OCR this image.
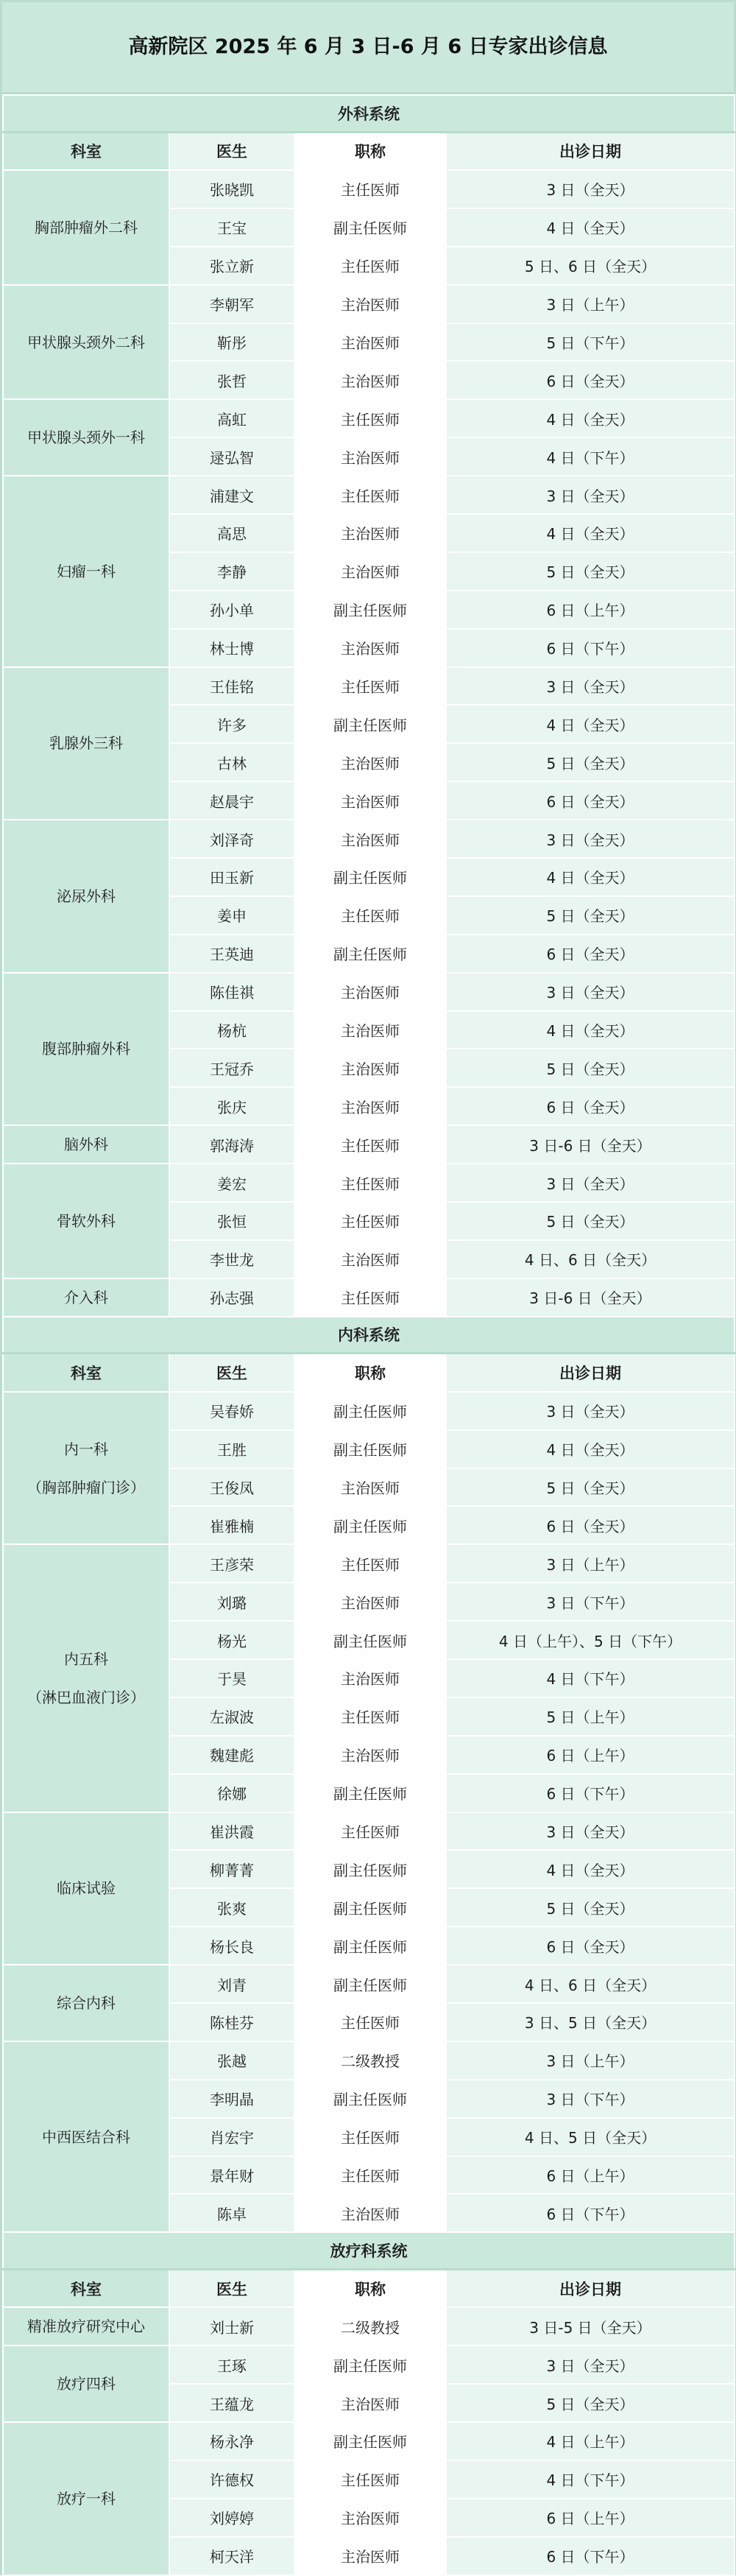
高新院区 2025 年 6 月 3 日-6 月 6 日专家出诊信息
外科系统			
科室	医生	职称	出诊日期

胸部肿瘤外二科	张晓凯	主任医师	3 日（全天）
	王宝	副主任医师	4 日（全天）
	张立新	主任医师	5 日、6 日（全天）

甲状腺头颈外二科	李朝军	主治医师	3 日（上午）
	靳彤	主治医师	5 日（下午）
	张哲	主治医师	6 日（全天）

甲状腺头颈外一科	高虹	主任医师	4 日（全天）
	逯弘智	主治医师	4 日（下午）

妇瘤一科	浦建文	主任医师	3 日（全天）
	高思	主治医师	4 日（全天）
	李静	主治医师	5 日（全天）
	孙小单	副主任医师	6 日（上午）
	林士博	主治医师	6 日（下午）

乳腺外三科	王佳铭	主任医师	3 日（全天）
	许多	副主任医师	4 日（全天）
	古林	主治医师	5 日（全天）
	赵晨宇	主治医师	6 日（全天）

泌尿外科	刘泽奇	主治医师	3 日（全天）
	田玉新	副主任医师	4 日（全天）
	姜申	主任医师	5 日（全天）
	王英迪	副主任医师	6 日（全天）

腹部肿瘤外科	陈佳祺	主治医师	3 日（全天）
	杨杭	主治医师	4 日（全天）
	王冠乔	主治医师	5 日（全天）
	张庆	主治医师	6 日（全天）

脑外科	郭海涛	主任医师	3 日-6 日（全天）

骨软外科	姜宏	主任医师	3 日（全天）
	张恒	主任医师	5 日（全天）
	李世龙	主治医师	4 日、6 日（全天）

介入科	孙志强	主任医师	3 日-6 日（全天）
内科系统			
科室	医生	职称	出诊日期

内一科
（胸部肿瘤门诊）	吴春娇	副主任医师	3 日（全天）
	王胜	副主任医师	4 日（全天）
	王俊凤	主治医师	5 日（全天）
	崔雅楠	副主任医师	6 日（全天）

内五科
（淋巴血液门诊）	王彦荣	主任医师	3 日（上午）
	刘璐	主治医师	3 日（下午）
	杨光	副主任医师	4 日（上午）、5 日（下午）
	于昊	主治医师	4 日（下午）
	左淑波	主任医师	5 日（上午）
	魏建彪	主治医师	6 日（上午）
	徐娜	副主任医师	6 日（下午）

临床试验	崔洪霞	主任医师	3 日（全天）
	柳菁菁	副主任医师	4 日（全天）
	张爽	副主任医师	5 日（全天）
	杨长良	副主任医师	6 日（全天）

综合内科	刘青	副主任医师	4 日、6 日（全天）
	陈桂芬	主任医师	3 日、5 日（全天）

中西医结合科	张越	二级教授	3 日（上午）
	李明晶	副主任医师	3 日（下午）
	肖宏宇	主任医师	4 日、5 日（全天）
	景年财	主任医师	6 日（上午）
	陈卓	主治医师	6 日（下午）
放疗科系统			
科室	医生	职称	出诊日期

精准放疗研究中心	刘士新	二级教授	3 日-5 日（全天）

放疗四科	王琢	副主任医师	3 日（全天）
	王蕴龙	主治医师	5 日（全天）

放疗一科	杨永净	副主任医师	4 日（上午）
	许德权	主任医师	4 日（下午）
	刘婷婷	主治医师	6 日（上午）
	柯天洋	主治医师	6 日（下午）
